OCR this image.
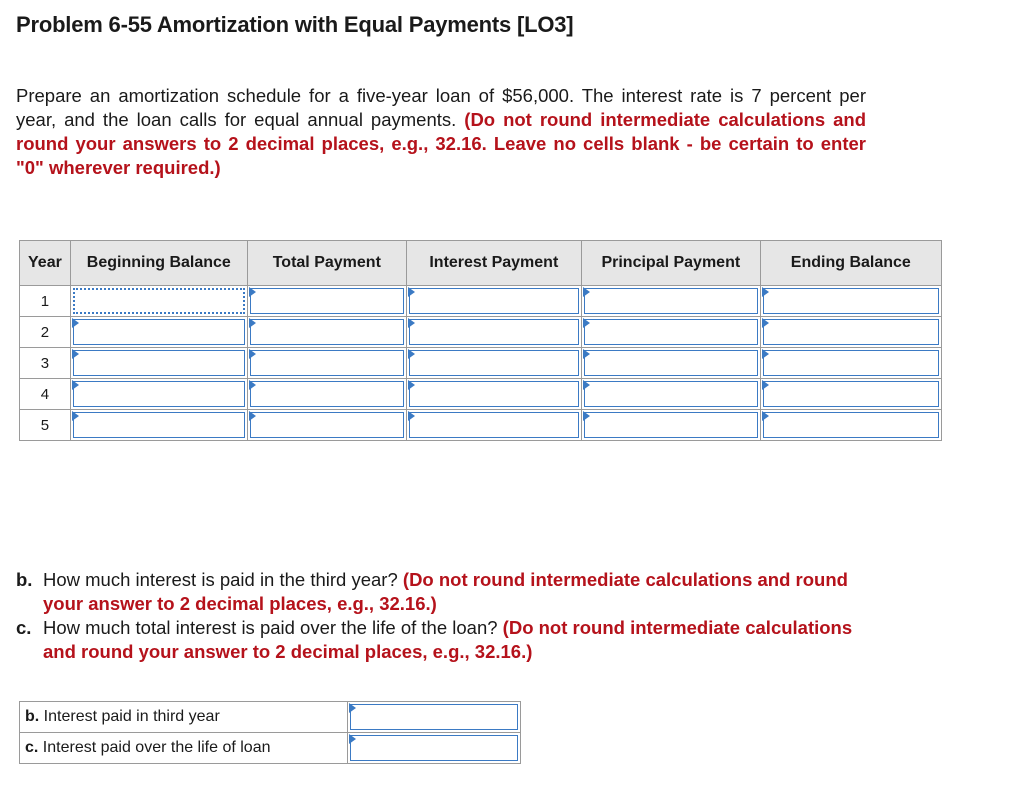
Problem 6-55 Amortization with Equal Payments [LO3]
Prepare an amortization schedule for a five-year loan of $56,000. The interest rate is 7 percent per year, and the loan calls for equal annual payments. (Do not round intermediate calculations and round your answers to 2 decimal places, e.g., 32.16. Leave no cells blank - be certain to enter "0" wherever required.)
Year	Beginning Balance	Total Payment	Interest Payment	Principal Payment	Ending Balance
1	

2	

3	

4	

5	

b. How much interest is paid in the third year? (Do not round intermediate calculations and round your answer to 2 decimal places, e.g., 32.16.)
c. How much total interest is paid over the life of the loan? (Do not round intermediate calculations and round your answer to 2 decimal places, e.g., 32.16.)
b. Interest paid in third year	

c. Interest paid over the life of loan	
